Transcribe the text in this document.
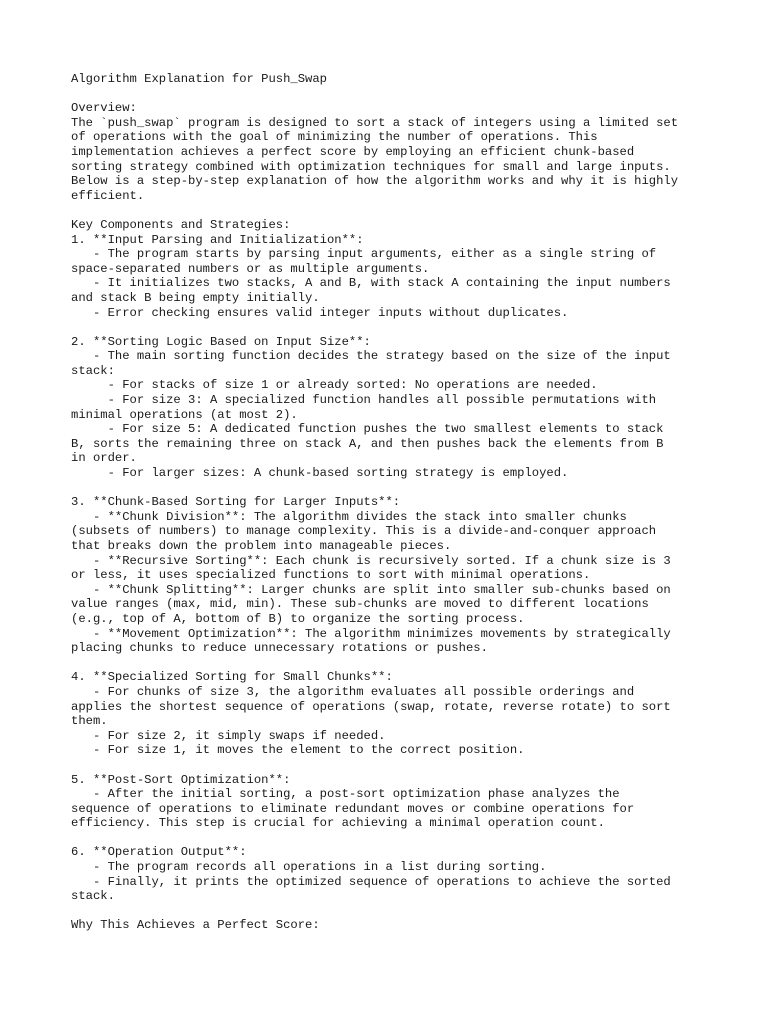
Algorithm Explanation for Push_Swap
Overview:
The `push_swap` program is designed to sort a stack of integers using a limited set
of operations with the goal of minimizing the number of operations. This
implementation achieves a perfect score by employing an efficient chunk-based
sorting strategy combined with optimization techniques for small and large inputs.
Below is a step-by-step explanation of how the algorithm works and why it is highly
efficient.
Key Components and Strategies:
1. **Input Parsing and Initialization**:
- The program starts by parsing input arguments, either as a single string of
space-separated numbers or as multiple arguments.
- It initializes two stacks, A and B, with stack A containing the input numbers
and stack B being empty initially.
- Error checking ensures valid integer inputs without duplicates.
2. **Sorting Logic Based on Input Size**:
- The main sorting function decides the strategy based on the size of the input
stack:
- For stacks of size 1 or already sorted: No operations are needed.
- For size 3: A specialized function handles all possible permutations with
minimal operations (at most 2).
- For size 5: A dedicated function pushes the two smallest elements to stack
B, sorts the remaining three on stack A, and then pushes back the elements from B
in order.
- For larger sizes: A chunk-based sorting strategy is employed.
3. **Chunk-Based Sorting for Larger Inputs**:
- **Chunk Division**: The algorithm divides the stack into smaller chunks
(subsets of numbers) to manage complexity. This is a divide-and-conquer approach
that breaks down the problem into manageable pieces.
- **Recursive Sorting**: Each chunk is recursively sorted. If a chunk size is 3
or less, it uses specialized functions to sort with minimal operations.
- **Chunk Splitting**: Larger chunks are split into smaller sub-chunks based on
value ranges (max, mid, min). These sub-chunks are moved to different locations
(e.g., top of A, bottom of B) to organize the sorting process.
- **Movement Optimization**: The algorithm minimizes movements by strategically
placing chunks to reduce unnecessary rotations or pushes.
4. **Specialized Sorting for Small Chunks**:
- For chunks of size 3, the algorithm evaluates all possible orderings and
applies the shortest sequence of operations (swap, rotate, reverse rotate) to sort
them.
- For size 2, it simply swaps if needed.
- For size 1, it moves the element to the correct position.
5. **Post-Sort Optimization**:
- After the initial sorting, a post-sort optimization phase analyzes the
sequence of operations to eliminate redundant moves or combine operations for
efficiency. This step is crucial for achieving a minimal operation count.
6. **Operation Output**:
- The program records all operations in a list during sorting.
- Finally, it prints the optimized sequence of operations to achieve the sorted
stack.
Why This Achieves a Perfect Score:
